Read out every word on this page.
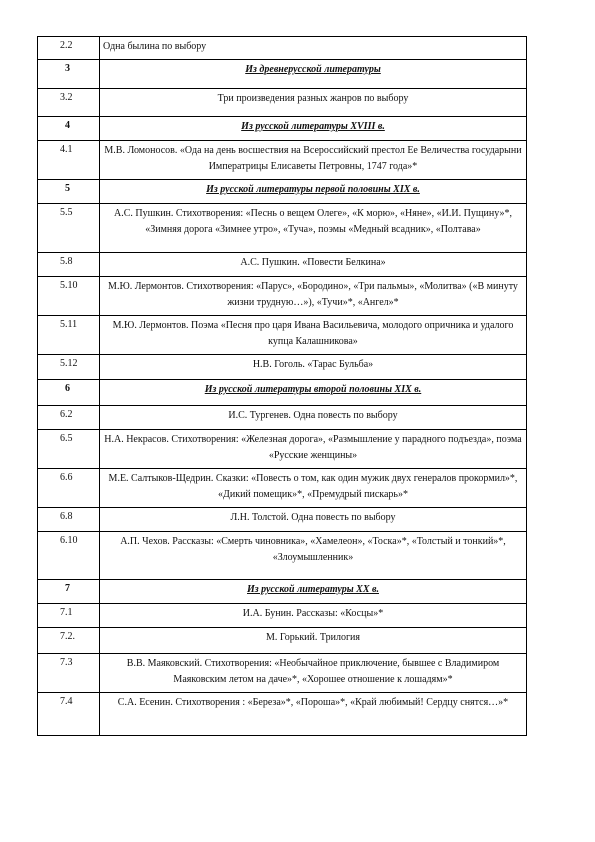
2.2	Одна былина по выбору
3	Из древнерусской литературы
3.2	Три произведения разных жанров по выбору
4	Из русской литературы XVIII в.
4.1	М.В. Ломоносов. «Ода на день восшествия на Всероссийский престол Ее Величества государыни Императрицы Елисаветы Петровны, 1747 года»*
5	Из русской литературы первой половины XIX в.
5.5	А.С. Пушкин. Стихотворения: «Песнь о вещем Олеге», «К морю», «Няне», «И.И. Пущину»*, «Зимняя дорога «Зимнее утро», «Туча», поэмы «Медный всадник», «Полтава»
5.8	А.С. Пушкин. «Повести Белкина»
5.10	М.Ю. Лермонтов. Стихотворения: «Парус», «Бородино», «Три пальмы», «Молитва» («В минуту жизни трудную…»), «Тучи»*, «Ангел»*
5.11	М.Ю. Лермонтов. Поэма «Песня про царя Ивана Васильевича, молодого опричника и удалого купца Калашникова»
5.12	Н.В. Гоголь. «Тарас Бульба»
6	Из русской литературы второй половины XIX в.
6.2	И.С. Тургенев. Одна повесть по выбору
6.5	Н.А. Некрасов. Стихотворения: «Железная дорога», «Размышление у парадного подъезда», поэма «Русские женщины»
6.6	М.Е. Салтыков-Щедрин. Сказки: «Повесть о том, как один мужик двух генералов прокормил»*, «Дикий помещик»*, «Премудрый пискарь»*
6.8	Л.Н. Толстой. Одна повесть по выбору
6.10	А.П. Чехов. Рассказы: «Смерть чиновника», «Хамелеон», «Тоска»*, «Толстый и тонкий»*, «Злоумышленник»
7	Из русской литературы XX в.
7.1	И.А. Бунин. Рассказы: «Косцы»*
7.2.	М. Горький. Трилогия
7.3	В.В. Маяковский. Стихотворения: «Необычайное приключение, бывшее с Владимиром Маяковским летом на даче»*, «Хорошее отношение к лошадям»*
7.4	С.А. Есенин. Стихотворения : «Береза»*, «Пороша»*, «Край любимый! Сердцу снятся…»*
